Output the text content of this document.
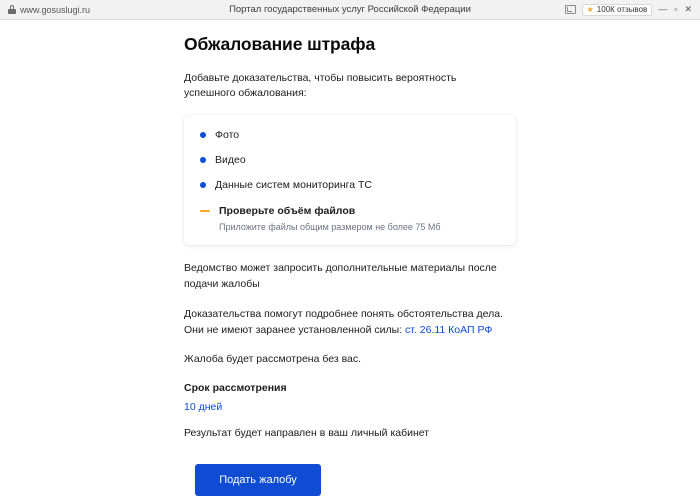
www.gosuslugi.ru	Портал государственных услуг Российской Федерации	★ 100К отзывов — ▫ ✕
Обжалование штрафа
Добавьте доказательства, чтобы повысить вероятность успешного обжалования:
Фото
Видео
Данные систем мониторинга ТС
Проверьте объём файлов
Приложите файлы общим размером не более 75 Мб

Ведомство может запросить дополнительные материалы после подачи жалобы

Доказательства помогут подробнее понять обстоятельства дела. Они не имеют заранее установленной силы: ст. 26.11 КоАП РФ

Жалоба будет рассмотрена без вас.

Срок рассмотрения
10 дней

Результат будет направлен в ваш личный кабинет

Подать жалобу
